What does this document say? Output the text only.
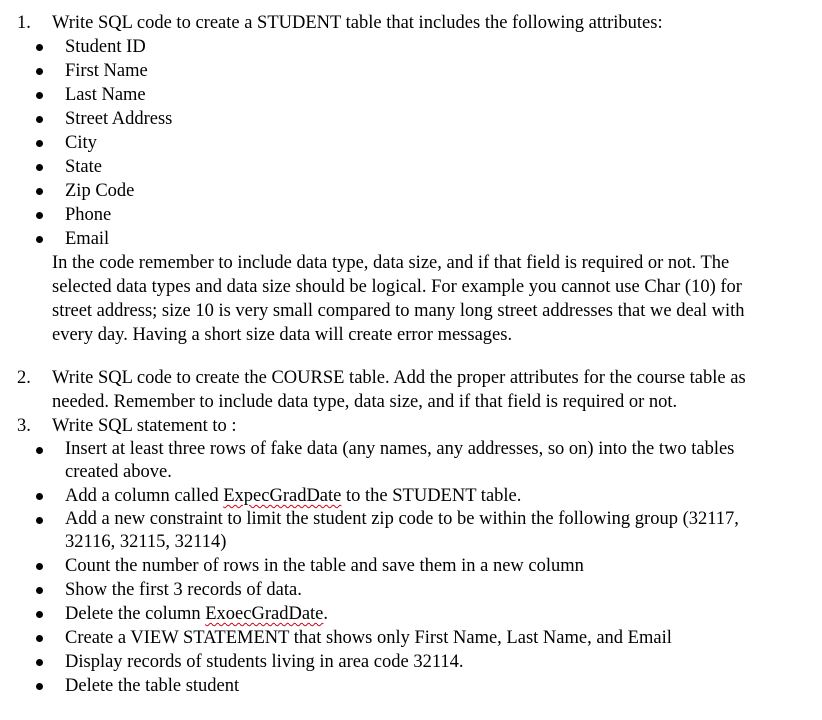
1. Write SQL code to create a STUDENT table that includes the following attributes:
Student ID
First Name
Last Name
Street Address
City
State
Zip Code
Phone
Email
In the code remember to include data type, data size, and if that field is required or not. The
selected data types and data size should be logical. For example you cannot use Char (10) for
street address; size 10 is very small compared to many long street addresses that we deal with
every day. Having a short size data will create error messages.
2. Write SQL code to create the COURSE table. Add the proper attributes for the course table as
needed. Remember to include data type, data size, and if that field is required or not.
3. Write SQL statement to :
Insert at least three rows of fake data (any names, any addresses, so on) into the two tables created above.
Add a column called ExpecGradDate to the STUDENT table.
Add a new constraint to limit the student zip code to be within the following group (32117, 32116, 32115, 32114)
Count the number of rows in the table and save them in a new column
Show the first 3 records of data.
Delete the column ExoecGradDate.
Create a VIEW STATEMENT that shows only First Name, Last Name, and Email
Display records of students living in area code 32114.
Delete the table student
